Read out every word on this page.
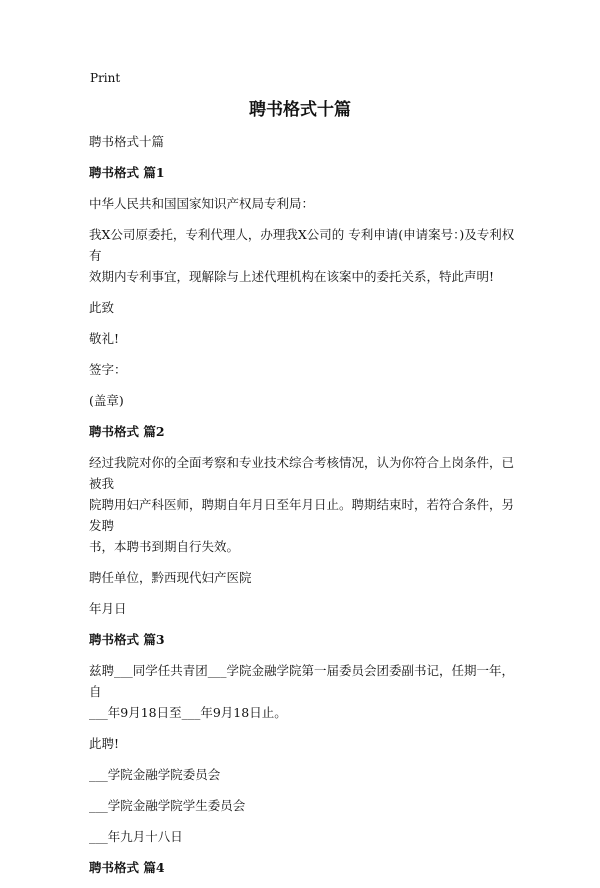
Print
聘书格式十篇
聘书格式十篇
聘书格式 篇1
中华人民共和国国家知识产权局专利局：
我X公司原委托，专利代理人，办理我X公司的 专利申请(申请案号：)及专利权有
效期内专利事宜，现解除与上述代理机构在该案中的委托关系，特此声明!
此致
敬礼!
签字：
(盖章)
聘书格式 篇2
经过我院对你的全面考察和专业技术综合考核情况，认为你符合上岗条件，已被我
院聘用妇产科医师，聘期自年月日至年月日止。聘期结束时，若符合条件，另发聘
书，本聘书到期自行失效。
聘任单位，黔西现代妇产医院
年月日
聘书格式 篇3
兹聘___同学任共青团___学院金融学院第一届委员会团委副书记，任期一年，自
___年9月18日至___年9月18日止。
此聘!
___学院金融学院委员会
___学院金融学院学生委员会
___年九月十八日
聘书格式 篇4
